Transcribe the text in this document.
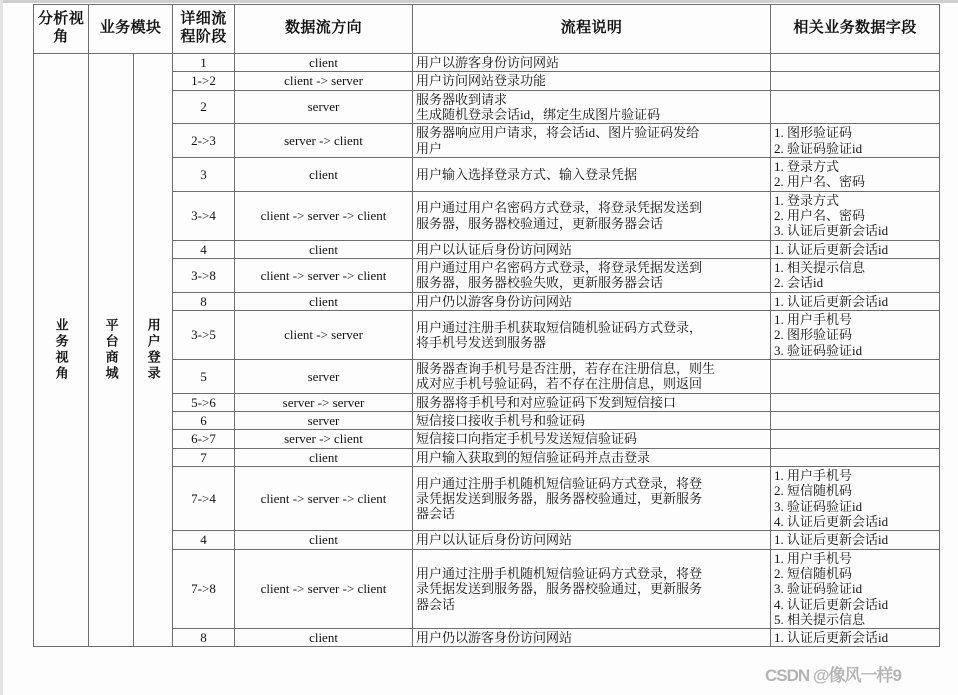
分析视角	业务模块		详细流程阶段	数据流方向	流程说明	相关业务数据字段
业务视角	平台商城	用户登录	1	client	用户以游客身份访问网站	

			1->2	client -> server	用户访问网站登录功能	

			2	server	服务器收到请求
生成随机登录会话id，绑定生成图片验证码	

			2->3	server -> client	服务器响应用户请求，将会话id、图片验证码发给
用户	1. 图形验证码
2. 验证码验证id

			3	client	用户输入选择登录方式、输入登录凭据	1. 登录方式
2. 用户名、密码

			3->4	client -> server -> client	用户通过用户名密码方式登录，将登录凭据发送到
服务器，服务器校验通过，更新服务器会话	1. 登录方式
2. 用户名、密码
3. 认证后更新会话id

			4	client	用户以认证后身份访问网站	1. 认证后更新会话id

			3->8	client -> server -> client	用户通过用户名密码方式登录，将登录凭据发送到
服务器，服务器校验失败，更新服务器会话	1. 相关提示信息
2. 会话id

			8	client	用户仍以游客身份访问网站	1. 认证后更新会话id

			3->5	client -> server	用户通过注册手机获取短信随机验证码方式登录，
将手机号发送到服务器	1. 用户手机号
2. 图形验证码
3. 验证码验证id

			5	server	服务器查询手机号是否注册，若存在注册信息，则生
成对应手机号验证码，若不存在注册信息，则返回	

			5->6	server -> server	服务器将手机号和对应验证码下发到短信接口	

			6	server	短信接口接收手机号和验证码	

			6->7	server -> client	短信接口向指定手机号发送短信验证码	

			7	client	用户输入获取到的短信验证码并点击登录	

			7->4	client -> server -> client	用户通过注册手机随机短信验证码方式登录，将登
录凭据发送到服务器，服务器校验通过，更新服务
器会话	1. 用户手机号
2. 短信随机码
3. 验证码验证id
4. 认证后更新会话id

			4	client	用户以认证后身份访问网站	1. 认证后更新会话id

			7->8	client -> server -> client	用户通过注册手机随机短信验证码方式登录，将登
录凭据发送到服务器，服务器校验通过，更新服务
器会话	1. 用户手机号
2. 短信随机码
3. 验证码验证id
4. 认证后更新会话id
5. 相关提示信息

			8	client	用户仍以游客身份访问网站	1. 认证后更新会话id
CSDN @像风一样9
